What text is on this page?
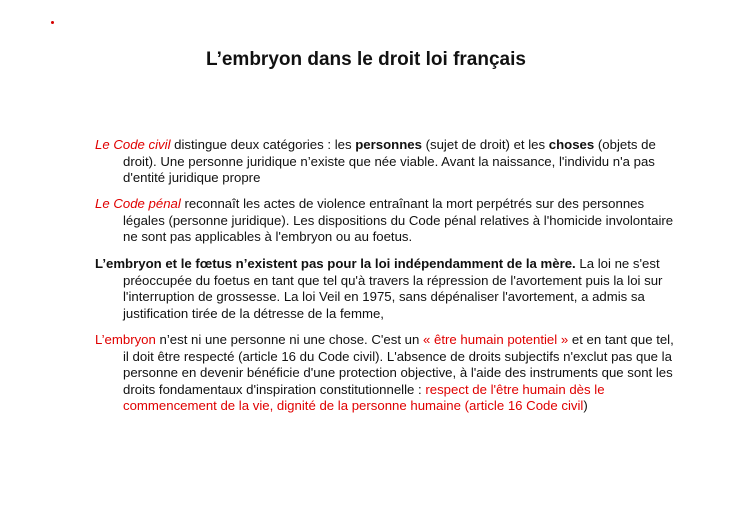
L’embryon dans le droit loi français
Le Code civil distingue deux catégories : les personnes (sujet de droit) et les choses (objets de droit). Une personne juridique n’existe que née viable. Avant la naissance, l'individu n'a pas d'entité juridique propre
Le Code pénal reconnaît les actes de violence entraînant la mort perpétrés sur des personnes légales (personne juridique). Les dispositions du Code pénal relatives à l'homicide involontaire ne sont pas applicables à l'embryon ou au foetus.
L’embryon et le fœtus n’existent pas pour la loi indépendamment de la mère. La loi ne s'est préoccupée du foetus en tant que tel qu'à travers la répression de l'avortement puis la loi sur l'interruption de grossesse. La loi Veil en 1975, sans dépénaliser l'avortement, a admis sa justification tirée de la détresse de la femme,
L’embryon n’est ni une personne ni une chose. C'est un « être humain potentiel » et en tant que tel, il doit être respecté (article 16 du Code civil). L'absence de droits subjectifs n'exclut pas que la personne en devenir bénéficie d'une protection objective, à l'aide des instruments que sont les droits fondamentaux d'inspiration constitutionnelle : respect de l'être humain dès le commencement de la vie, dignité de la personne humaine (article 16 Code civil)
